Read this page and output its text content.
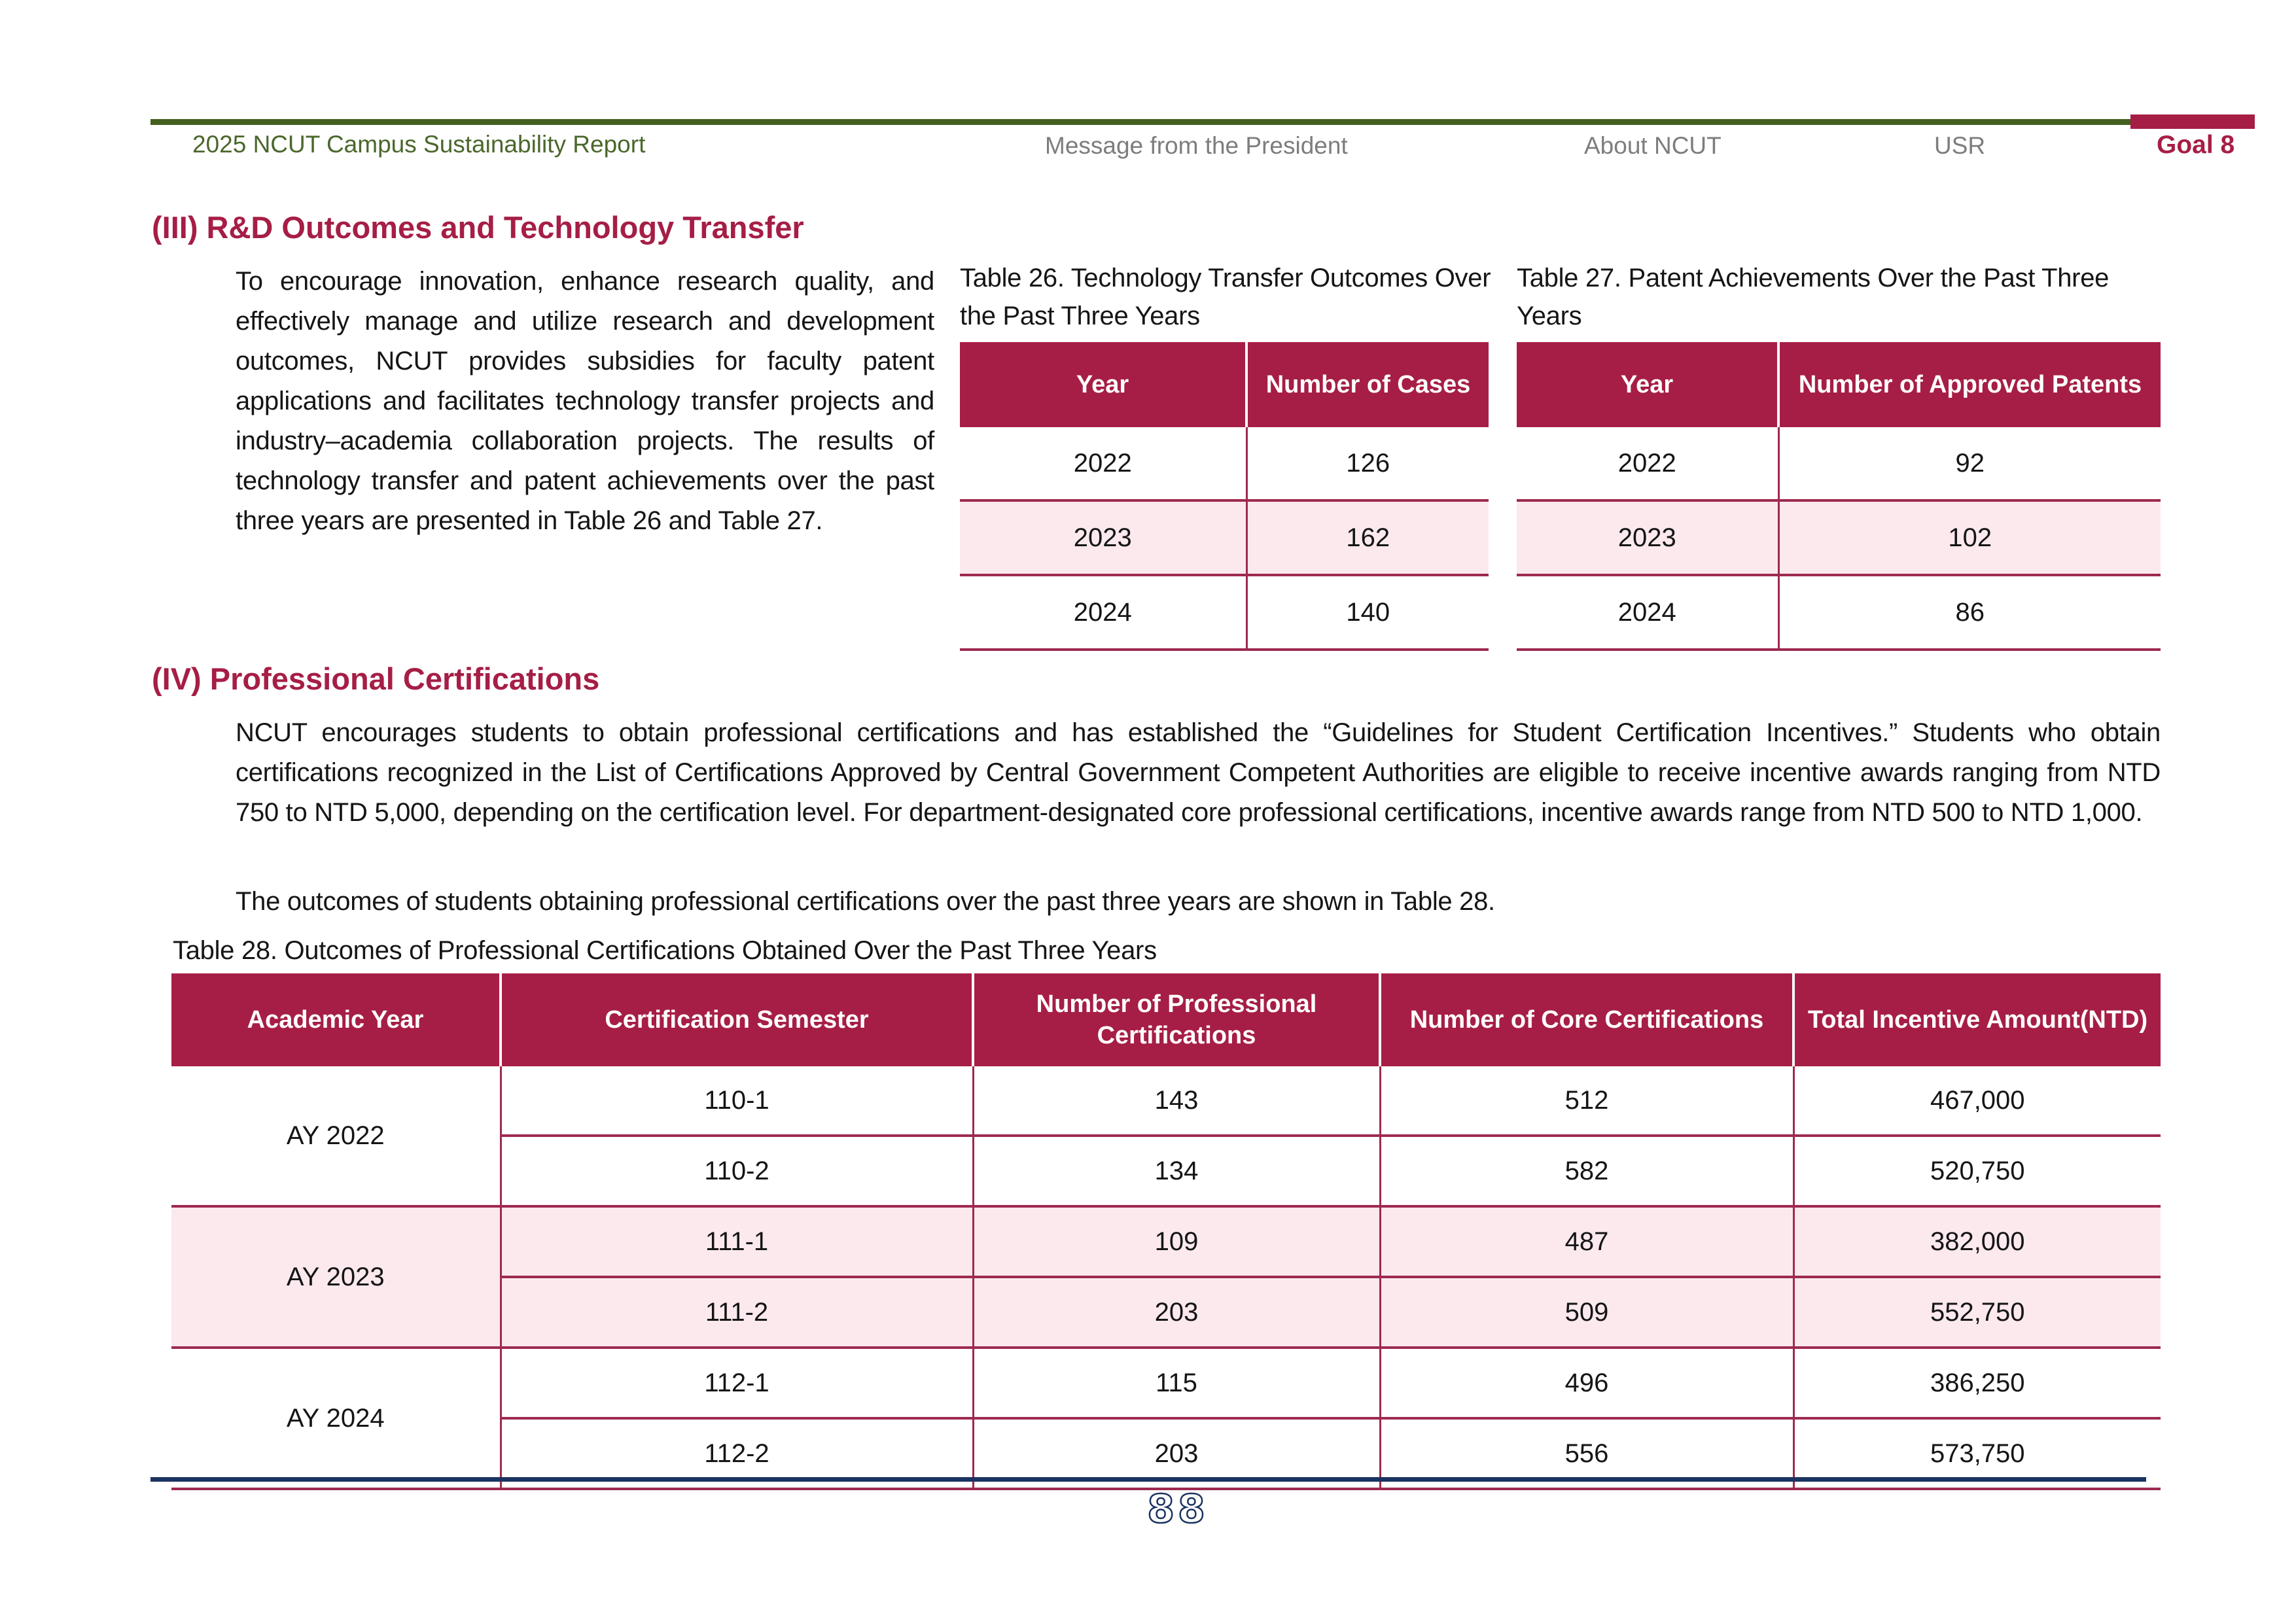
2025 NCUT Campus Sustainability Report	Message from the President	About NCUT	USR	Goal 8
(III) R&D Outcomes and Technology Transfer
To encourage innovation, enhance research quality, and effectively manage and utilize research and development outcomes, NCUT provides subsidies for faculty patent applications and facilitates technology transfer projects and industry–academia collaboration projects. The results of technology transfer and patent achievements over the past three years are presented in Table 26 and Table 27.
Table 26. Technology Transfer Outcomes Over the Past Three Years
Year	Number of Cases
2022	126
2023	162
2024	140
Table 27. Patent Achievements Over the Past Three Years
Year	Number of Approved Patents
2022	92
2023	102
2024	86
(IV) Professional Certifications
NCUT encourages students to obtain professional certifications and has established the “Guidelines for Student Certification Incentives.” Students who obtain certifications recognized in the List of Certifications Approved by Central Government Competent Authorities are eligible to receive incentive awards ranging from NTD 750 to NTD 5,000, depending on the certification level. For department-designated core professional certifications, incentive awards range from NTD 500 to NTD 1,000.
The outcomes of students obtaining professional certifications over the past three years are shown in Table 28.
Table 28. Outcomes of Professional Certifications Obtained Over the Past Three Years
Academic Year	Certification Semester	Number of Professional Certifications	Number of Core Certifications	Total Incentive Amount(NTD)
AY 2022	110-1	143	512	467,000
	110-2	134	582	520,750
AY 2023	111-1	109	487	382,000
	111-2	203	509	552,750
AY 2024	112-1	115	496	386,250
	112-2	203	556	573,750
88
